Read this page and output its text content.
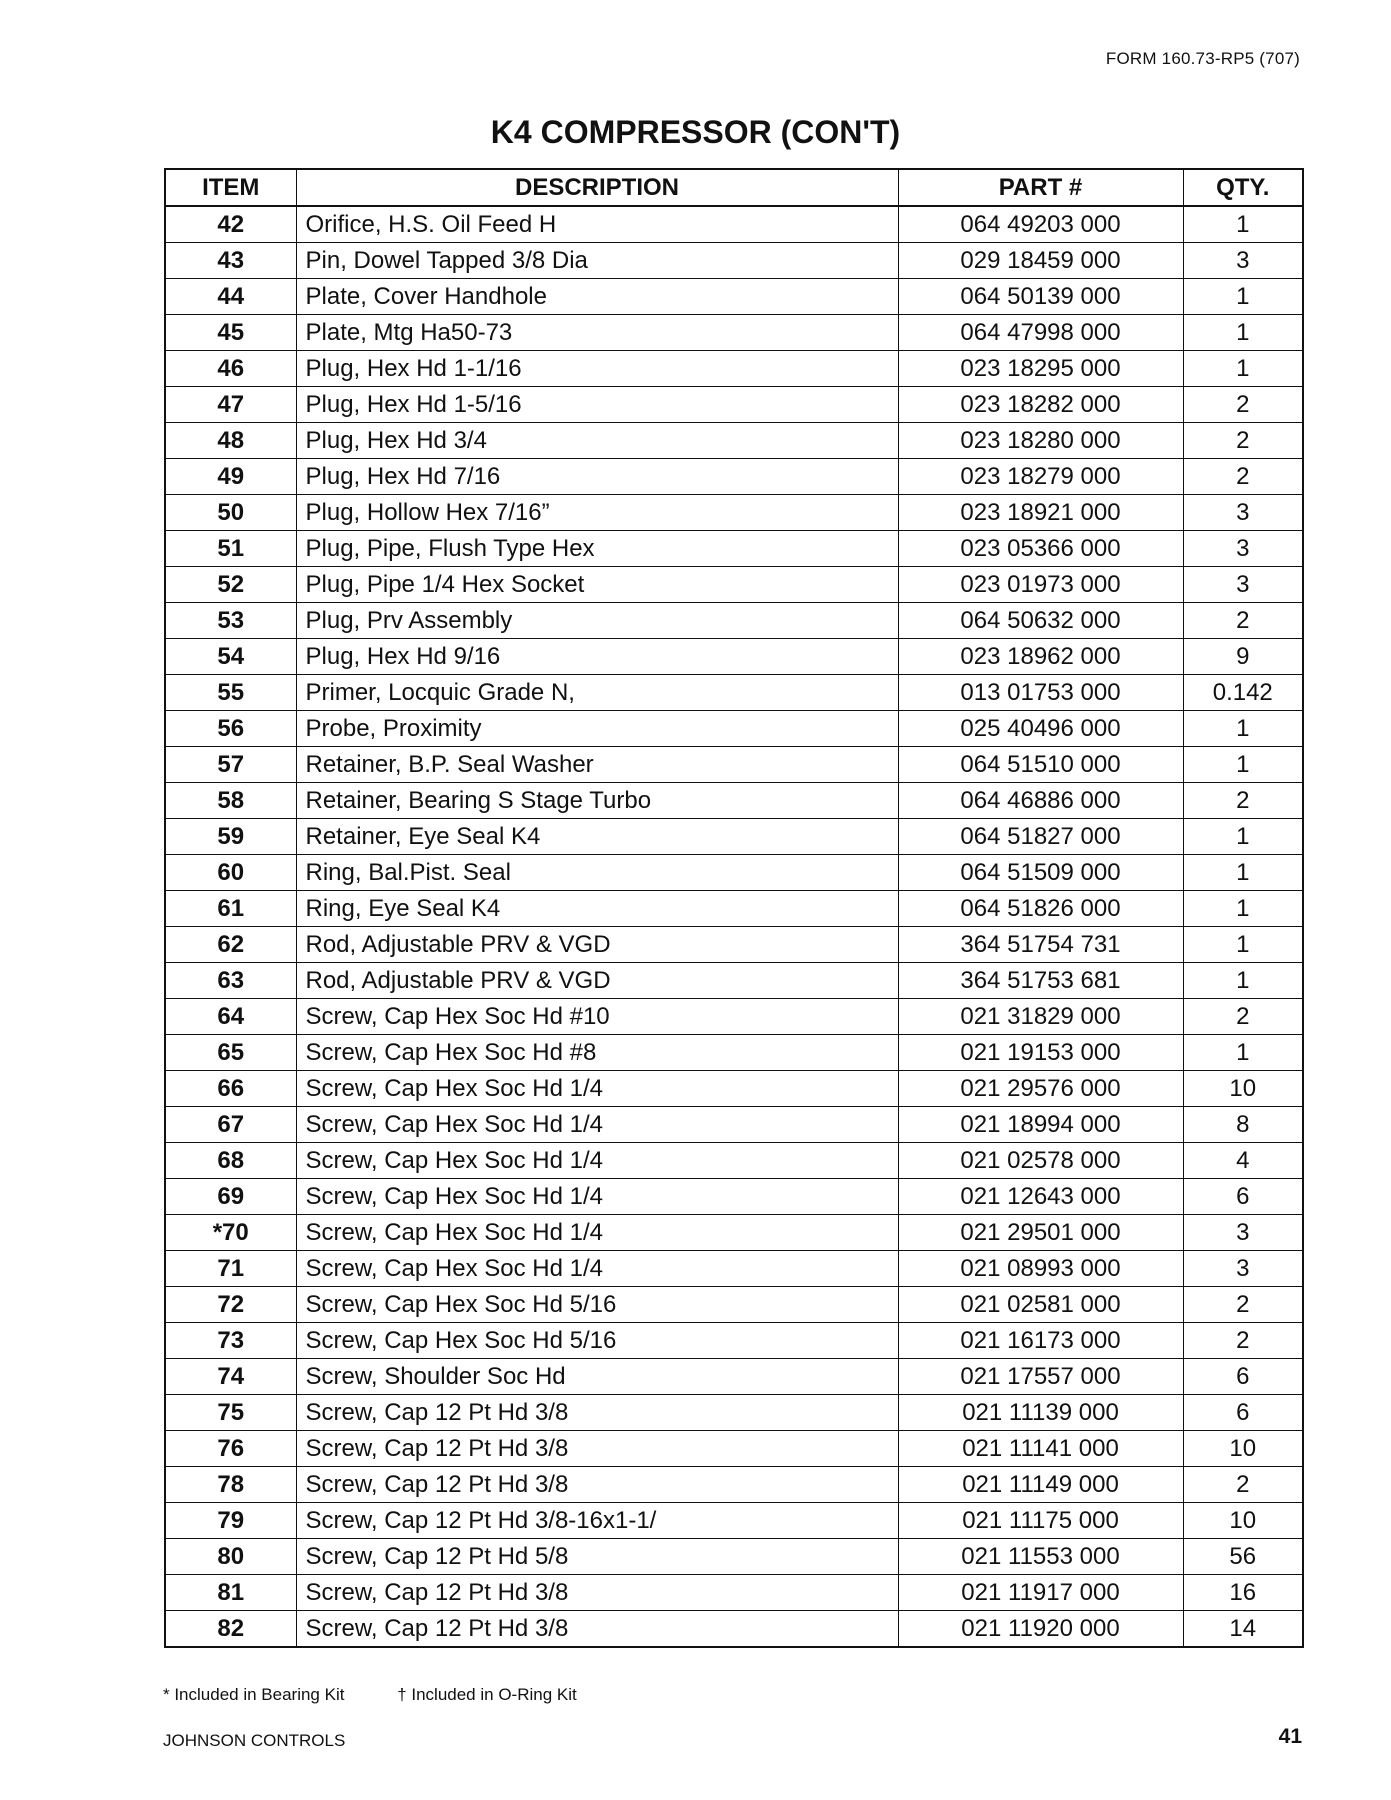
FORM 160.73-RP5 (707)
K4 COMPRESSOR (CON'T)
ITEM	DESCRIPTION	PART #	QTY.
42	Orifice, H.S. Oil Feed H	064 49203 000	1
43	Pin, Dowel Tapped 3/8 Dia	029 18459 000	3
44	Plate, Cover Handhole	064 50139 000	1
45	Plate, Mtg Ha50-73	064 47998 000	1
46	Plug, Hex Hd 1-1/16	023 18295 000	1
47	Plug, Hex Hd 1-5/16	023 18282 000	2
48	Plug, Hex Hd 3/4	023 18280 000	2
49	Plug, Hex Hd 7/16	023 18279 000	2
50	Plug, Hollow Hex 7/16”	023 18921 000	3
51	Plug, Pipe, Flush Type Hex	023 05366 000	3
52	Plug, Pipe 1/4 Hex Socket	023 01973 000	3
53	Plug, Prv Assembly	064 50632 000	2
54	Plug, Hex Hd 9/16	023 18962 000	9
55	Primer, Locquic Grade N,	013 01753 000	0.142
56	Probe, Proximity	025 40496 000	1
57	Retainer, B.P. Seal Washer	064 51510 000	1
58	Retainer, Bearing S Stage Turbo	064 46886 000	2
59	Retainer, Eye Seal K4	064 51827 000	1
60	Ring, Bal.Pist. Seal	064 51509 000	1
61	Ring, Eye Seal K4	064 51826 000	1
62	Rod, Adjustable PRV & VGD	364 51754 731	1
63	Rod, Adjustable PRV & VGD	364 51753 681	1
64	Screw, Cap Hex Soc Hd #10	021 31829 000	2
65	Screw, Cap Hex Soc Hd #8	021 19153 000	1
66	Screw, Cap Hex Soc Hd 1/4	021 29576 000	10
67	Screw, Cap Hex Soc Hd 1/4	021 18994 000	8
68	Screw, Cap Hex Soc Hd 1/4	021 02578 000	4
69	Screw, Cap Hex Soc Hd 1/4	021 12643 000	6
*70	Screw, Cap Hex Soc Hd 1/4	021 29501 000	3
71	Screw, Cap Hex Soc Hd 1/4	021 08993 000	3
72	Screw, Cap Hex Soc Hd 5/16	021 02581 000	2
73	Screw, Cap Hex Soc Hd 5/16	021 16173 000	2
74	Screw, Shoulder Soc Hd	021 17557 000	6
75	Screw, Cap 12 Pt Hd 3/8	021 11139 000	6
76	Screw, Cap 12 Pt Hd 3/8	021 11141 000	10
78	Screw, Cap 12 Pt Hd 3/8	021 11149 000	2
79	Screw, Cap 12 Pt Hd 3/8-16x1-1/	021 11175 000	10
80	Screw, Cap 12 Pt Hd 5/8	021 11553 000	56
81	Screw, Cap 12 Pt Hd 3/8	021 11917 000	16
82	Screw, Cap 12 Pt Hd 3/8	021 11920 000	14
* Included in Bearing Kit	† Included in O-Ring Kit
JOHNSON CONTROLS	41
